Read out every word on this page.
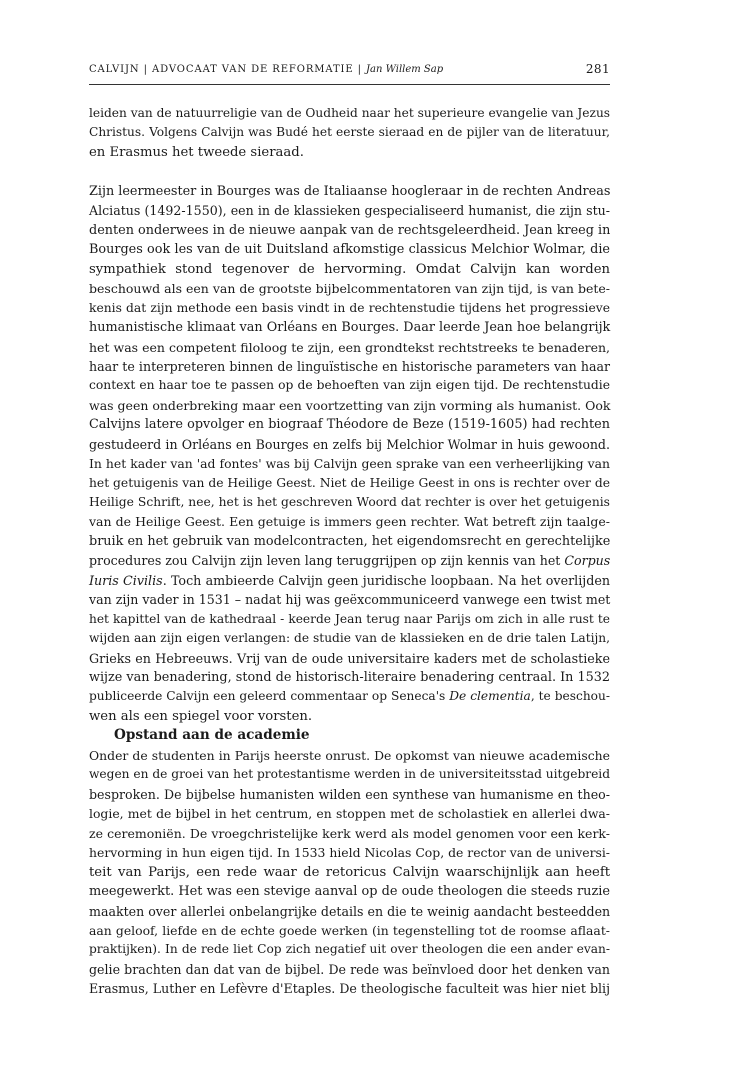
CALVIJN | ADVOCAAT VAN DE REFORMATIE | Jan Willem Sap	281
leiden van de natuurreligie van de Oudheid naar het superieure evangelie van Jezus
Christus. Volgens Calvijn was Budé het eerste sieraad en de pijler van de literatuur,
en Erasmus het tweede sieraad.
Zijn leermeester in Bourges was de Italiaanse hoogleraar in de rechten Andreas
Alciatus (1492-1550), een in de klassieken gespecialiseerd humanist, die zijn stu-
denten onderwees in de nieuwe aanpak van de rechtsgeleerdheid. Jean kreeg in
Bourges ook les van de uit Duitsland afkomstige classicus Melchior Wolmar, die
sympathiek stond tegenover de hervorming. Omdat Calvijn kan worden
beschouwd als een van de grootste bijbelcommentatoren van zijn tijd, is van bete-
kenis dat zijn methode een basis vindt in de rechtenstudie tijdens het progressieve
humanistische klimaat van Orléans en Bourges. Daar leerde Jean hoe belangrijk
het was een competent filoloog te zijn, een grondtekst rechtstreeks te benaderen,
haar te interpreteren binnen de linguïstische en historische parameters van haar
context en haar toe te passen op de behoeften van zijn eigen tijd. De rechtenstudie
was geen onderbreking maar een voortzetting van zijn vorming als humanist. Ook
Calvijns latere opvolger en biograaf Théodore de Beze (1519-1605) had rechten
gestudeerd in Orléans en Bourges en zelfs bij Melchior Wolmar in huis gewoond.
In het kader van 'ad fontes' was bij Calvijn geen sprake van een verheerlijking van
het getuigenis van de Heilige Geest. Niet de Heilige Geest in ons is rechter over de
Heilige Schrift, nee, het is het geschreven Woord dat rechter is over het getuigenis
van de Heilige Geest. Een getuige is immers geen rechter. Wat betreft zijn taalge-
bruik en het gebruik van modelcontracten, het eigendomsrecht en gerechtelijke
procedures zou Calvijn zijn leven lang teruggrijpen op zijn kennis van het Corpus
Iuris Civilis. Toch ambieerde Calvijn geen juridische loopbaan. Na het overlijden
van zijn vader in 1531 – nadat hij was geëxcommuniceerd vanwege een twist met
het kapittel van de kathedraal - keerde Jean terug naar Parijs om zich in alle rust te
wijden aan zijn eigen verlangen: de studie van de klassieken en de drie talen Latijn,
Grieks en Hebreeuws. Vrij van de oude universitaire kaders met de scholastieke
wijze van benadering, stond de historisch-literaire benadering centraal. In 1532
publiceerde Calvijn een geleerd commentaar op Seneca's De clementia, te beschou-
wen als een spiegel voor vorsten.
Opstand aan de academie
Onder de studenten in Parijs heerste onrust. De opkomst van nieuwe academische
wegen en de groei van het protestantisme werden in de universiteitsstad uitgebreid
besproken. De bijbelse humanisten wilden een synthese van humanisme en theo-
logie, met de bijbel in het centrum, en stoppen met de scholastiek en allerlei dwa-
ze ceremoniën. De vroegchristelijke kerk werd als model genomen voor een kerk-
hervorming in hun eigen tijd. In 1533 hield Nicolas Cop, de rector van de universi-
teit van Parijs, een rede waar de retoricus Calvijn waarschijnlijk aan heeft
meegewerkt. Het was een stevige aanval op de oude theologen die steeds ruzie
maakten over allerlei onbelangrijke details en die te weinig aandacht besteedden
aan geloof, liefde en de echte goede werken (in tegenstelling tot de roomse aflaat-
praktijken). In de rede liet Cop zich negatief uit over theologen die een ander evan-
gelie brachten dan dat van de bijbel. De rede was beïnvloed door het denken van
Erasmus, Luther en Lefèvre d'Etaples. De theologische faculteit was hier niet blij
